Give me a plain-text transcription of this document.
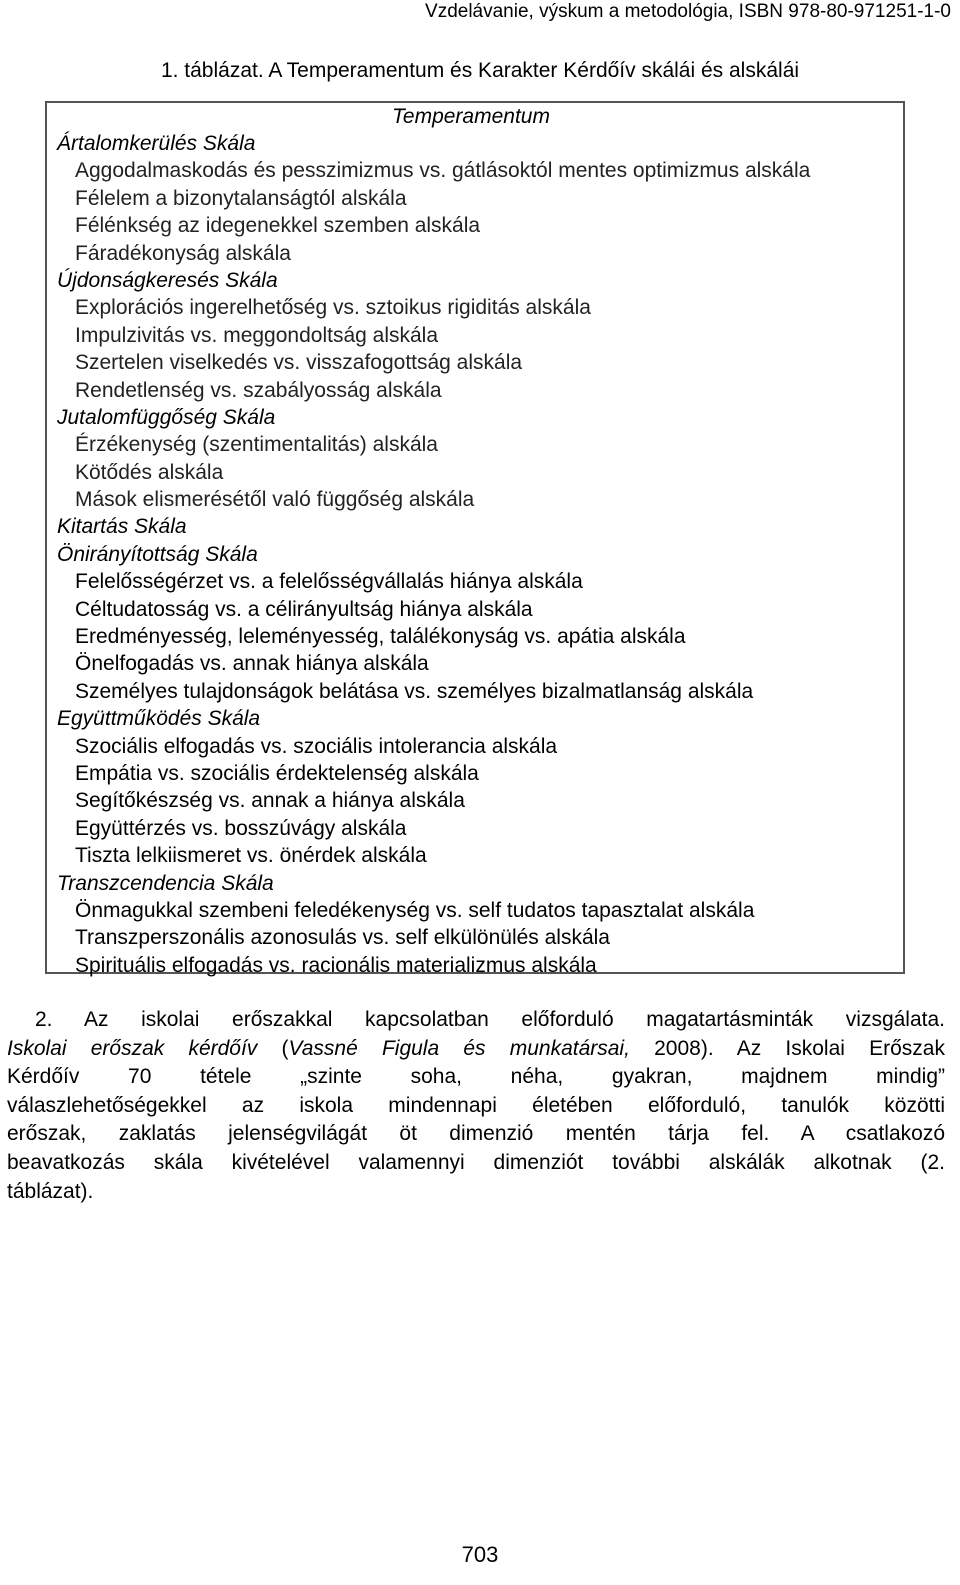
Vzdelávanie, výskum a metodológia, ISBN 978-80-971251-1-0
1. táblázat. A Temperamentum és Karakter Kérdőív skálái és alskálái
Temperamentum
Ártalomkerülés Skála
Aggodalmaskodás és pesszimizmus vs. gátlásoktól mentes optimizmus alskála
Félelem a bizonytalanságtól alskála
Félénkség az idegenekkel szemben alskála
Fáradékonyság alskála
Újdonságkeresés Skála
Explorációs ingerelhetőség vs. sztoikus rigiditás alskála
Impulzivitás vs. meggondoltság alskála
Szertelen viselkedés vs. visszafogottság alskála
Rendetlenség vs. szabályosság alskála
Jutalomfüggőség Skála
Érzékenység (szentimentalitás) alskála
Kötődés alskála
Mások elismerésétől való függőség alskála
Kitartás Skála
Önirányítottság Skála
Felelősségérzet vs. a felelősségvállalás hiánya alskála
Céltudatosság vs. a célirányultság hiánya alskála
Eredményesség, leleményesség, találékonyság vs. apátia alskála
Önelfogadás vs. annak hiánya alskála
Személyes tulajdonságok belátása vs. személyes bizalmatlanság alskála
Együttműködés Skála
Szociális elfogadás vs. szociális intolerancia alskála
Empátia vs. szociális érdektelenség alskála
Segítőkészség vs. annak a hiánya alskála
Együttérzés vs. bosszúvágy alskála
Tiszta lelkiismeret vs. önérdek alskála
Transzcendencia Skála
Önmagukkal szembeni feledékenység vs. self tudatos tapasztalat alskála
Transzperszonális azonosulás vs. self elkülönülés alskála
Spirituális elfogadás vs. racionális materializmus alskála
2. Az iskolai erőszakkal kapcsolatban előforduló magatartásminták vizsgálata.
Iskolai erőszak kérdőív (Vassné Figula és munkatársai, 2008). Az Iskolai Erőszak
Kérdőív 70 tétele „szinte soha, néha, gyakran, majdnem mindig”
válaszlehetőségekkel az iskola mindennapi életében előforduló, tanulók közötti
erőszak, zaklatás jelenségvilágát öt dimenzió mentén tárja fel. A csatlakozó
beavatkozás skála kivételével valamennyi dimenziót további alskálák alkotnak (2.
táblázat).
703
